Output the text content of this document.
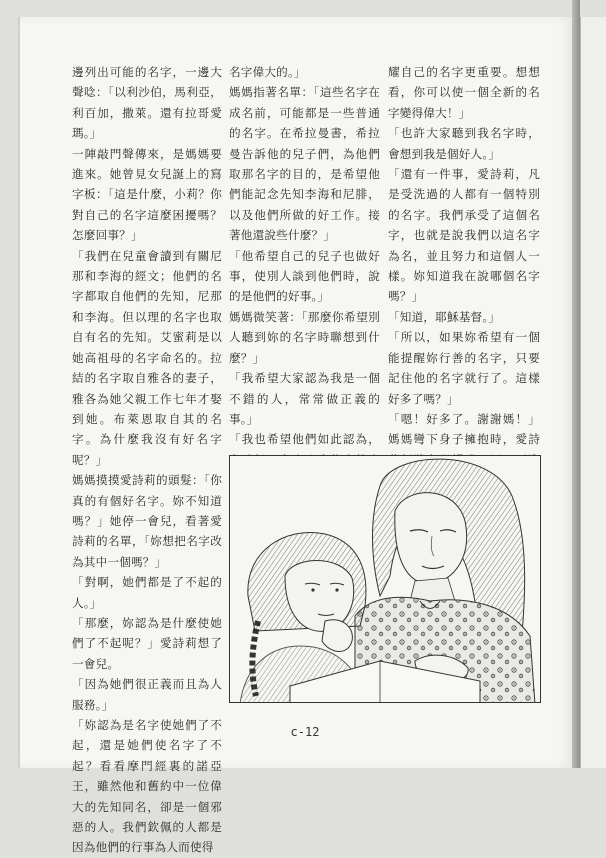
邊列出可能的名字，一邊大聲唸：「以利沙伯，馬利亞，利百加，撒萊。還有拉哥愛瑪。」

一陣敲門聲傳來，是媽媽要進來。她曾見女兒誕上的寫字板：「這是什麼，小莉？你對自己的名字這麼困擾嗎？怎麼回事？」

「我們在兒童會讀到有關尼那和李海的經文；他們的名字都取自他們的先知，尼那和李海。但以理的名字也取自有名的先知。艾蜜莉是以她高祖母的名字命名的。拉結的名字取自雅各的妻子，雅各為她父親工作七年才娶到她。布萊恩取自其的名字。為什麼我沒有好名字呢？」

媽媽摸摸愛詩莉的頭髮：「你真的有個好名字。妳不知道嗎？」她停一會兒，看著愛詩莉的名單，「妳想把名字改為其中一個嗎？」

「對啊，她們都是了不起的人。」

「那麼，妳認為是什麼使她們了不起呢？」愛詩莉想了一會兒。

「因為她們很正義而且為人服務。」

「妳認為是名字使她們了不起，還是她們使名字了不起？看看摩門經裏的諾亞王，雖然他和舊約中一位偉大的先知同名，卻是一個邪惡的人。我們欽佩的人都是因為他們的行事為人而使得

名字偉大的。」

媽媽指著名單：「這些名字在成名前，可能都是一些普通的名字。在希拉曼書，希拉曼告訴他的兒子們，為他們取那名字的目的，是希望他們能記念先知李海和尼腓，以及他們所做的好工作。接著他還說些什麼？」

「他希望自己的兒子也做好事，使別人談到他們時，說的是他們的好事。」

媽媽微笑著：「那麼你希望別人聽到妳的名字時聯想到什麼？」

「我希望大家認為我是一個不錯的人，常常做正義的事。」

「我也希望他們如此認為，

耀自己的名字更重要。想想看，你可以使一個全新的名字變得偉大！」

「也許大家聽到我名字時，會想到我是個好人。」

「還有一件事，愛詩莉，凡是受洗過的人都有一個特別的名字。我們承受了這個名字，也就是說我們以這名字為名，並且努力和這個人一樣。妳知道我在說哪個名字嗎？」

「知道，耶穌基督。」

「所以，如果妳希望有一個能提醒妳行善的名字，只要記住他的名字就行了。這樣好多了嗎？」

「嗯！好多了。謝謝媽！」媽媽彎下身子擁抱時，愛詩

c-12
